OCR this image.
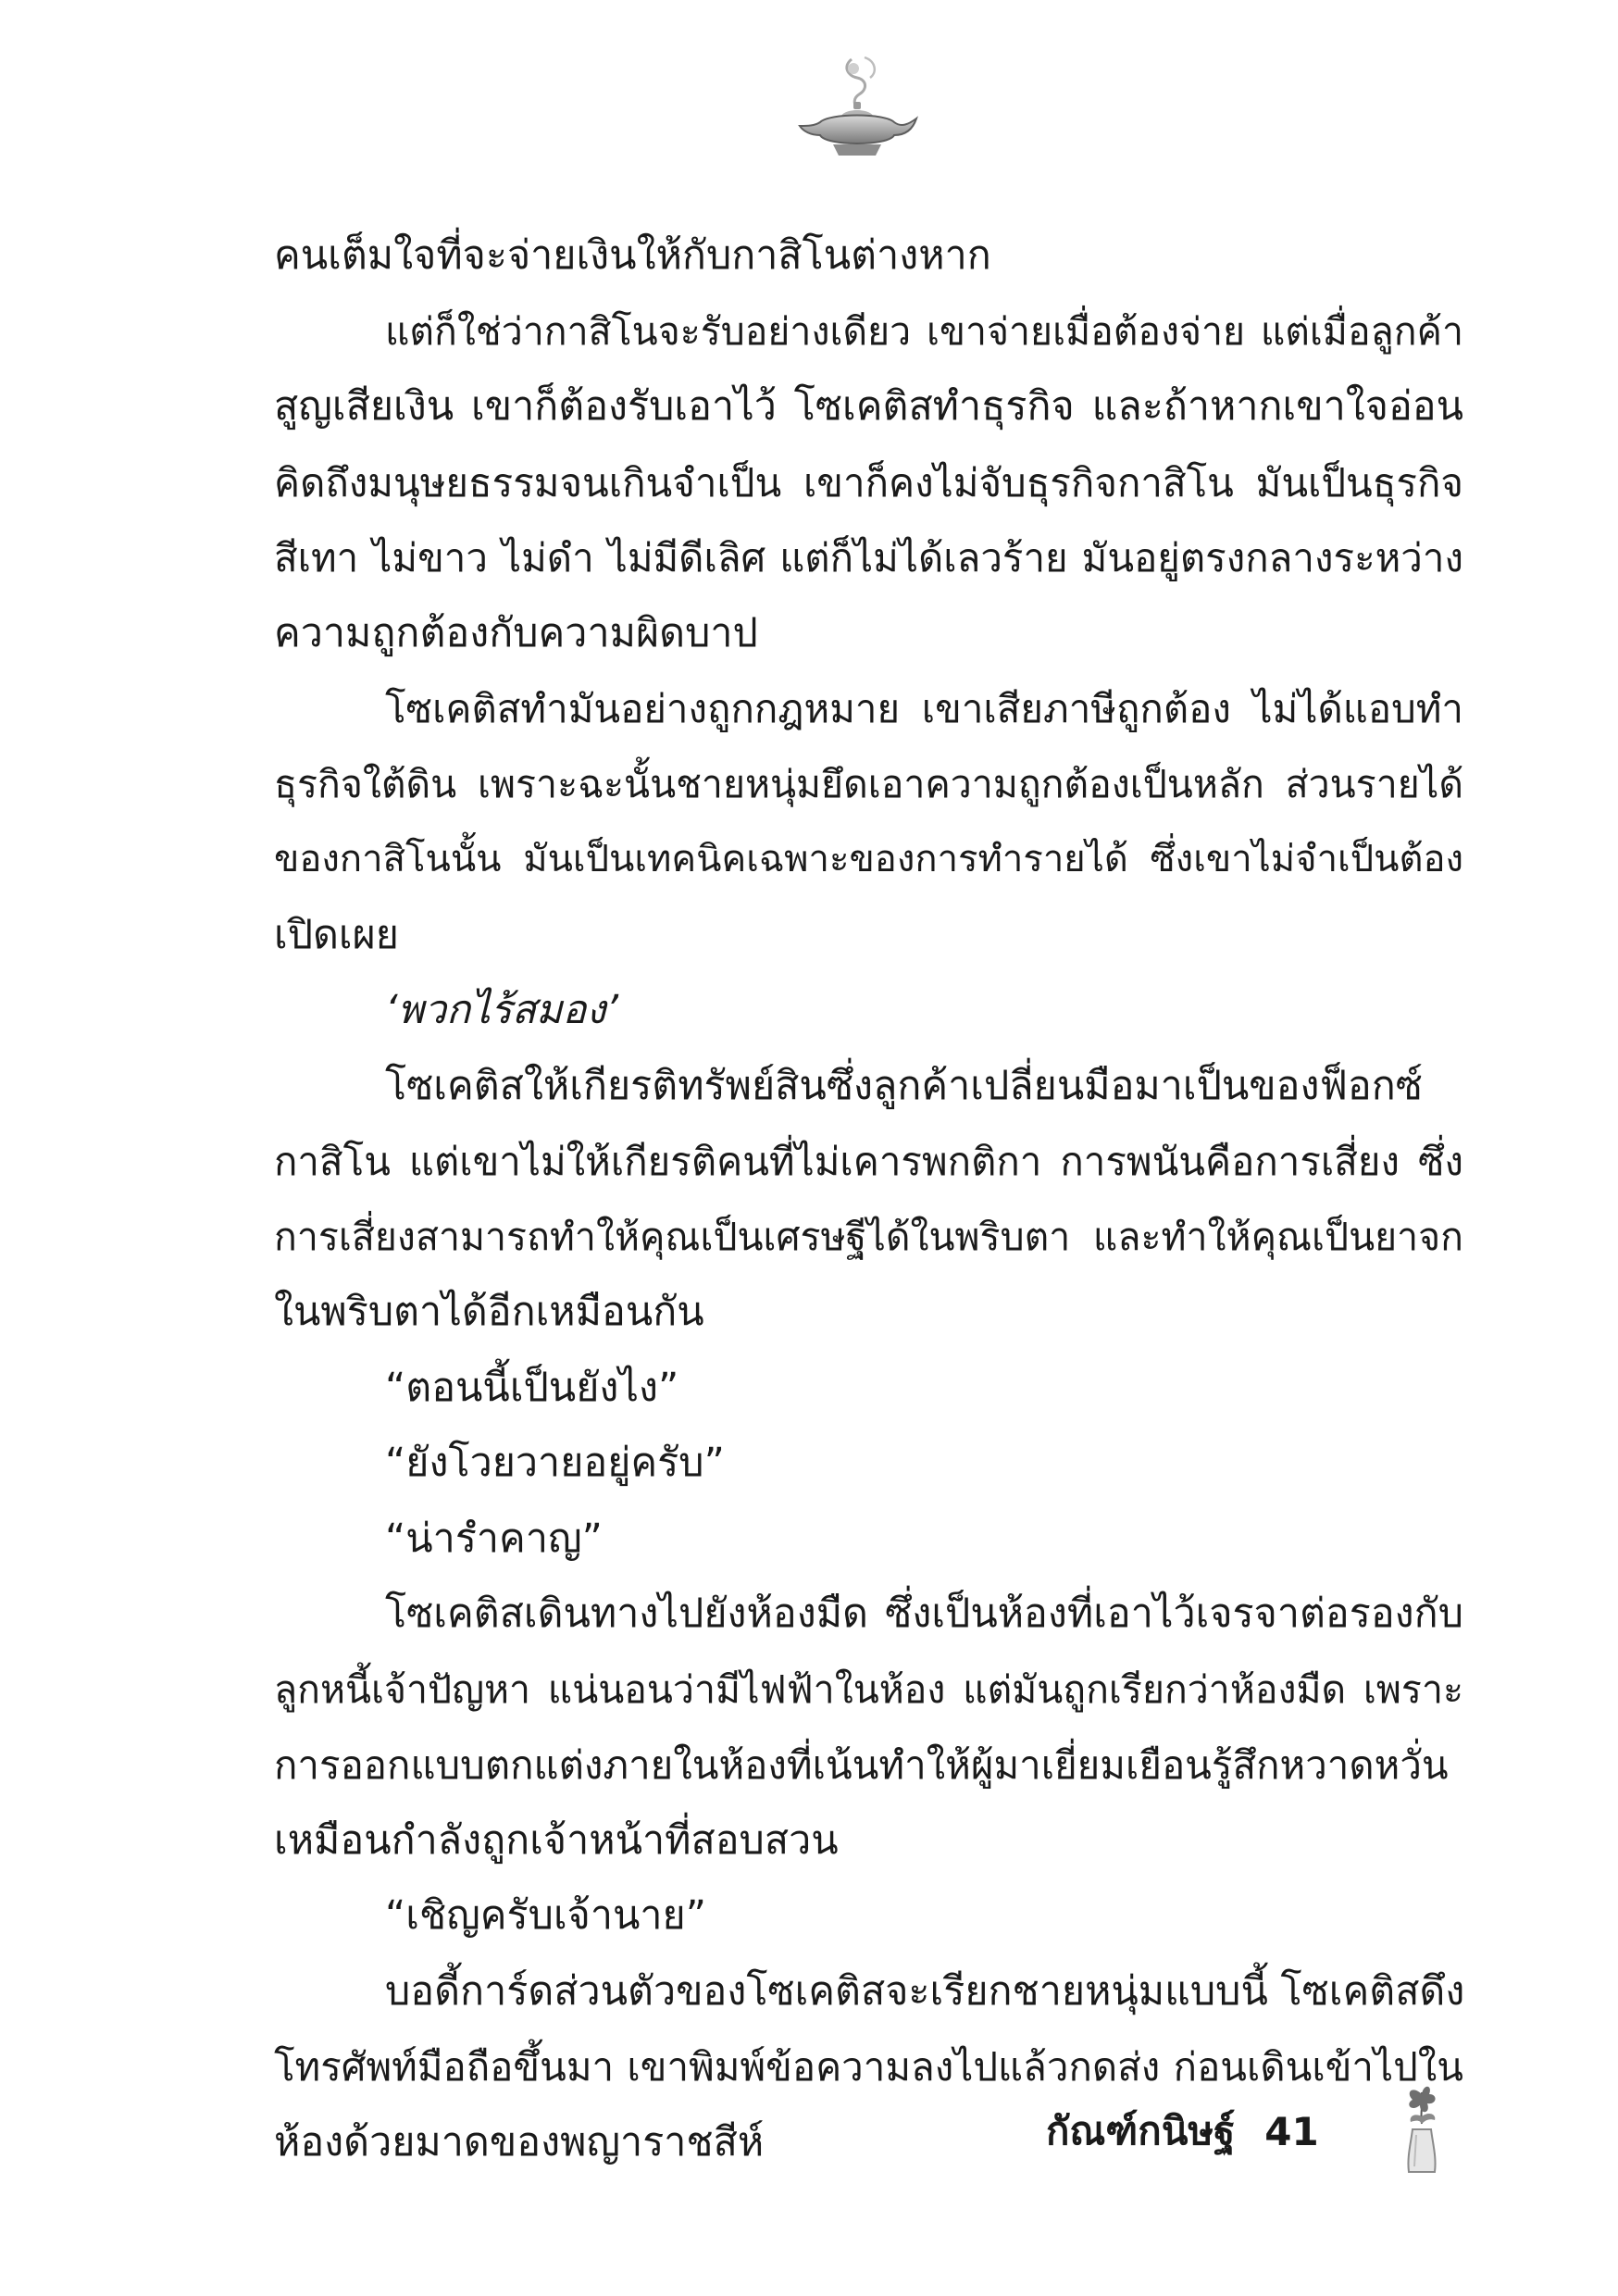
คนเต็มใจที่จะจ่ายเงินให้กับกาสิโนต่างหาก
แต่ก็ใช่ว่ากาสิโนจะรับอย่างเดียว เขาจ่ายเมื่อต้องจ่าย แต่เมื่อลูกค้า
สูญเสียเงิน เขาก็ต้องรับเอาไว้ โซเคติสทำธุรกิจ และถ้าหากเขาใจอ่อน
คิดถึงมนุษยธรรมจนเกินจำเป็น เขาก็คงไม่จับธุรกิจกาสิโน มันเป็นธุรกิจ
สีเทา ไม่ขาว ไม่ดำ ไม่มีดีเลิศ แต่ก็ไม่ได้เลวร้าย มันอยู่ตรงกลางระหว่าง
ความถูกต้องกับความผิดบาป
โซเคติสทำมันอย่างถูกกฎหมาย เขาเสียภาษีถูกต้อง ไม่ได้แอบทำ
ธุรกิจใต้ดิน เพราะฉะนั้นชายหนุ่มยึดเอาความถูกต้องเป็นหลัก ส่วนรายได้
ของกาสิโนนั้น มันเป็นเทคนิคเฉพาะของการทำรายได้ ซึ่งเขาไม่จำเป็นต้อง
เปิดเผย
‘พวกไร้สมอง’
โซเคติสให้เกียรติทรัพย์สินซึ่งลูกค้าเปลี่ยนมือมาเป็นของฟ็อกซ์
กาสิโน แต่เขาไม่ให้เกียรติคนที่ไม่เคารพกติกา การพนันคือการเสี่ยง ซึ่ง
การเสี่ยงสามารถทำให้คุณเป็นเศรษฐีได้ในพริบตา และทำให้คุณเป็นยาจก
ในพริบตาได้อีกเหมือนกัน
“ตอนนี้เป็นยังไง”
“ยังโวยวายอยู่ครับ”
“น่ารำคาญ”
โซเคติสเดินทางไปยังห้องมืด ซึ่งเป็นห้องที่เอาไว้เจรจาต่อรองกับ
ลูกหนี้เจ้าปัญหา แน่นอนว่ามีไฟฟ้าในห้อง แต่มันถูกเรียกว่าห้องมืด เพราะ
การออกแบบตกแต่งภายในห้องที่เน้นทำให้ผู้มาเยี่ยมเยือนรู้สึกหวาดหวั่น
เหมือนกำลังถูกเจ้าหน้าที่สอบสวน
“เชิญครับเจ้านาย”
บอดี้การ์ดส่วนตัวของโซเคติสจะเรียกชายหนุ่มแบบนี้ โซเคติสดึง
โทรศัพท์มือถือขึ้นมา เขาพิมพ์ข้อความลงไปแล้วกดส่ง ก่อนเดินเข้าไปใน
ห้องด้วยมาดของพญาราชสีห์	กัณฑ์กนิษฐ์ 41
